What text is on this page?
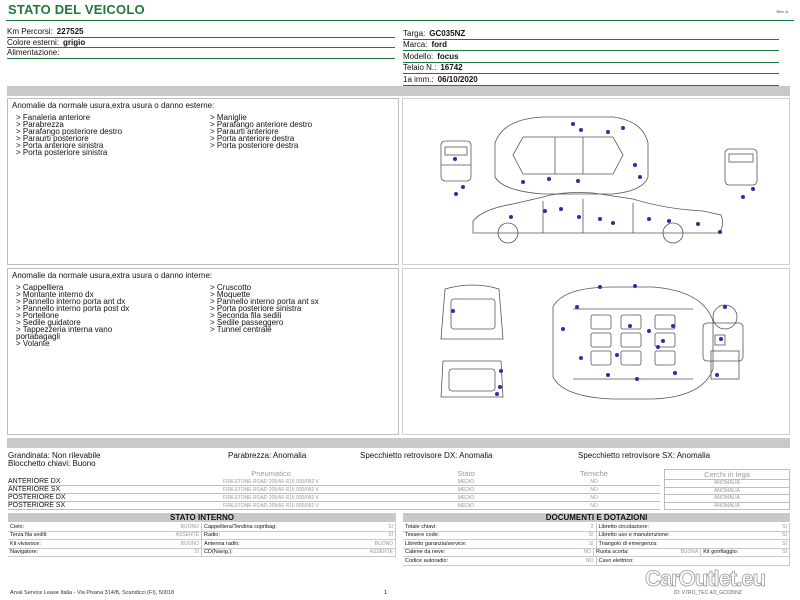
STATO DEL VEICOLO	Rev. A
Km Percorsi: 227525
Colore esterni: grigio
Alimentazione:
Targa: GC035NZ
Marca: ford
Modello: focus
Telaio N.: 16742
1a imm.: 06/10/2020
Anomalie da normale usura,extra usura o danno esterne:
> Fanaleria anteriore
> Parabrezza
> Parafango posteriore destro
> Paraurti posteriore
> Porta anteriore sinistra
> Porta posteriore sinistra
> Maniglie
> Parafango anteriore destro
> Paraurti anteriore
> Porta anteriore destra
> Porta posteriore destra
Anomalie da normale usura,extra usura o danno interne:
> Cappelliera
> Montante interno dx
> Pannello interno porta ant dx
> Pannello interno porta post dx
> Portellone
> Sedile guidatore
> Tappezzeria interna vano
portabagagli
> Volante
> Cruscotto
> Moquette
> Pannello interno porta ant sx
> Porta posteriore sinistra
> Seconda fila sedili
> Sedile passeggero
> Tunnel centrale
Grandinata: Non rilevabile	Parabrezza: Anomalia	Specchietto retrovisore DX: Anomalia	Specchietto retrovisore SX: Anomalia
Blocchetto chiavi: Buono
	Pneumatico	Stato	Temiche
ANTERIORE DX	FIRESTONE ROAD 205/60 R16 000/092 V	MEDIO	NO
ANTERIORE SX	FIRESTONE ROAD 205/60 R16 000/092 V	MEDIO	NO
POSTERIORE DX	FIRESTONE ROAD 205/60 R16 000/092 V	MEDIO	NO
POSTERIORE SX	FIRESTONE ROAD 205/60 R16 000/092 V	MEDIO	NO
Cerchi in lega
ANOMALIA
ANOMALIA
ANOMALIA
ANOMALIA
STATO INTERNO
Cielo:	BUONO Cappelliera/Tendina copribag:	SI
Terza fila sedili:	ASSENTE Radio:	SI
Kit vivavoce:	BUONO Antenna radio:	BUONO
Navigatore:	SI CD(Navig.):	ASSENTE
DOCUMENTI E DOTAZIONI
Totale chiavi:	2 Libretto circolazione:	SI
Tessere code:	SI Libretto uso e manutenzione:	SI
Libretto garanzia/service:	SI Triangolo di emergenza:	SI
Catene da neve:	NO Ruota scorta:	BUONA Kit gonfiaggio:	SI
Codice autoradio:	NO Cavo elettrico:
Arval Service Lease Italia - Via Pisana 314/B, Scandicci (FI), 50018	1	ID: V7RO_TEC.4/2_GC035NZ
CarOutlet.eu
